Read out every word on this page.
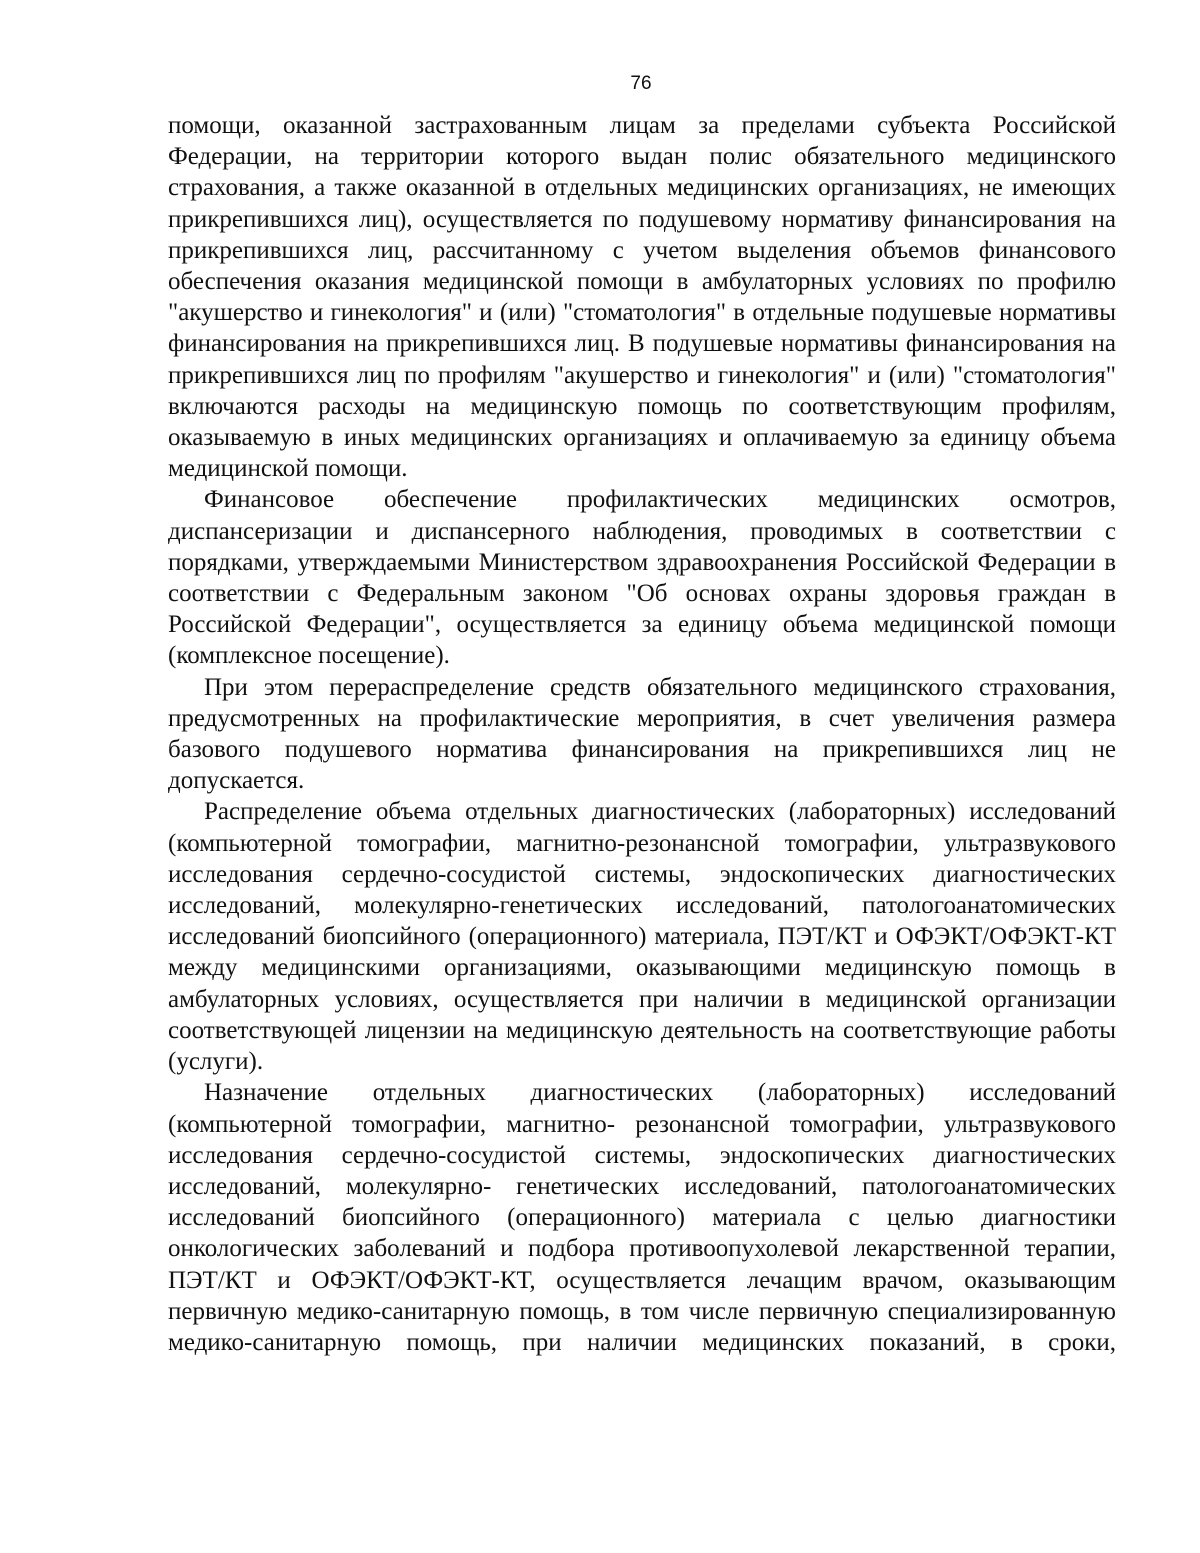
76

помощи, оказанной застрахованным лицам за пределами субъекта Российской Федерации, на территории которого выдан полис обязательного медицинского страхования, а также оказанной в отдельных медицинских организациях, не имеющих прикрепившихся лиц), осуществляется по подушевому нормативу финансирования на прикрепившихся лиц, рассчитанному с учетом выделения объемов финансового обеспечения оказания медицинской помощи в амбулаторных условиях по профилю "акушерство и гинекология" и (или) "стоматология" в отдельные подушевые нормативы финансирования на прикрепившихся лиц. В подушевые нормативы финансирования на прикрепившихся лиц по профилям "акушерство и гинекология" и (или) "стоматология" включаются расходы на медицинскую помощь по соответствующим профилям, оказываемую в иных медицинских организациях и оплачиваемую за единицу объема медицинской помощи.

Финансовое обеспечение профилактических медицинских осмотров, диспансеризации и диспансерного наблюдения, проводимых в соответствии с порядками, утверждаемыми Министерством здравоохранения Российской Федерации в соответствии с Федеральным законом "Об основах охраны здоровья граждан в Российской Федерации", осуществляется за единицу объема медицинской помощи (комплексное посещение).

При этом перераспределение средств обязательного медицинского страхования, предусмотренных на профилактические мероприятия, в счет увеличения размера базового подушевого норматива финансирования на прикрепившихся лиц не допускается.

Распределение объема отдельных диагностических (лабораторных) исследований (компьютерной томографии, магнитно-резонансной томографии, ультразвукового исследования сердечно-сосудистой системы, эндоскопических диагностических исследований, молекулярно-генетических исследований, патологоанатомических исследований биопсийного (операционного) материала, ПЭТ/КТ и ОФЭКТ/ОФЭКТ-КТ между медицинскими организациями, оказывающими медицинскую помощь в амбулаторных условиях, осуществляется при наличии в медицинской организации соответствующей лицензии на медицинскую деятельность на соответствующие работы (услуги).

Назначение отдельных диагностических (лабораторных) исследований (компьютерной томографии, магнитно- резонансной томографии, ультразвукового исследования сердечно-сосудистой системы, эндоскопических диагностических исследований, молекулярно- генетических исследований, патологоанатомических исследований биопсийного (операционного) материала с целью диагностики онкологических заболеваний и подбора противоопухолевой лекарственной терапии, ПЭТ/КТ и ОФЭКТ/ОФЭКТ-КТ, осуществляется лечащим врачом, оказывающим первичную медико-санитарную помощь, в том числе первичную специализированную медико-санитарную помощь, при наличии медицинских показаний, в сроки,
